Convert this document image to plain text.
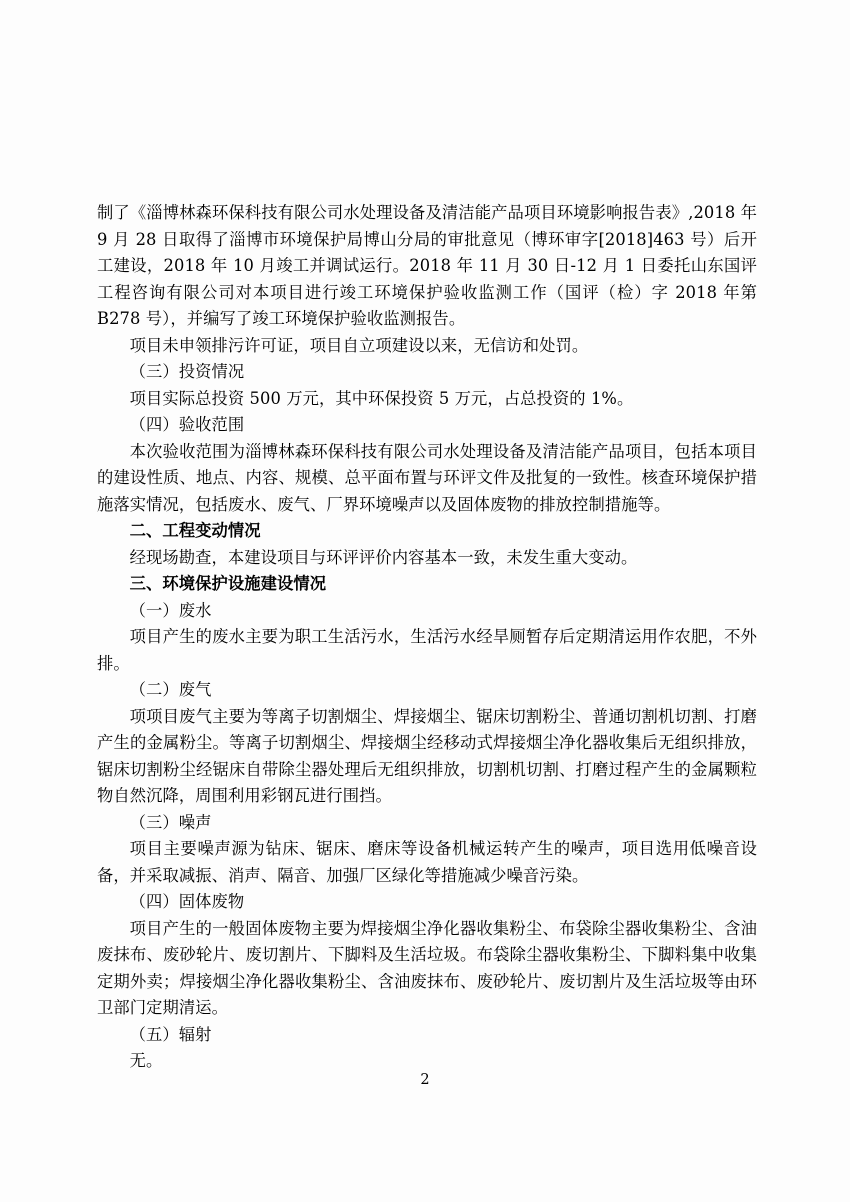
制了《淄博林森环保科技有限公司水处理设备及清洁能产品项目环境影响报告表》,2018 年 9 月 28 日取得了淄博市环境保护局博山分局的审批意见（博环审字[2018]463 号）后开工建设，2018 年 10 月竣工并调试运行。2018 年 11 月 30 日-12 月 1 日委托山东国评工程咨询有限公司对本项目进行竣工环境保护验收监测工作（国评（检）字 2018 年第 B278 号），并编写了竣工环境保护验收监测报告。

项目未申领排污许可证，项目自立项建设以来，无信访和处罚。

（三）投资情况

项目实际总投资 500 万元，其中环保投资 5 万元，占总投资的 1%。

（四）验收范围

本次验收范围为淄博林森环保科技有限公司水处理设备及清洁能产品项目，包括本项目的建设性质、地点、内容、规模、总平面布置与环评文件及批复的一致性。核查环境保护措施落实情况，包括废水、废气、厂界环境噪声以及固体废物的排放控制措施等。

二、工程变动情况

经现场勘查，本建设项目与环评评价内容基本一致，未发生重大变动。

三、环境保护设施建设情况

（一）废水

项目产生的废水主要为职工生活污水，生活污水经旱厕暂存后定期清运用作农肥，不外排。

（二）废气

项项目废气主要为等离子切割烟尘、焊接烟尘、锯床切割粉尘、普通切割机切割、打磨产生的金属粉尘。等离子切割烟尘、焊接烟尘经移动式焊接烟尘净化器收集后无组织排放，锯床切割粉尘经锯床自带除尘器处理后无组织排放，切割机切割、打磨过程产生的金属颗粒物自然沉降，周围利用彩钢瓦进行围挡。

（三）噪声

项目主要噪声源为钻床、锯床、磨床等设备机械运转产生的噪声，项目选用低噪音设备，并采取减振、消声、隔音、加强厂区绿化等措施减少噪音污染。

（四）固体废物

项目产生的一般固体废物主要为焊接烟尘净化器收集粉尘、布袋除尘器收集粉尘、含油废抹布、废砂轮片、废切割片、下脚料及生活垃圾。布袋除尘器收集粉尘、下脚料集中收集定期外卖；焊接烟尘净化器收集粉尘、含油废抹布、废砂轮片、废切割片及生活垃圾等由环卫部门定期清运。

（五）辐射

无。

2
